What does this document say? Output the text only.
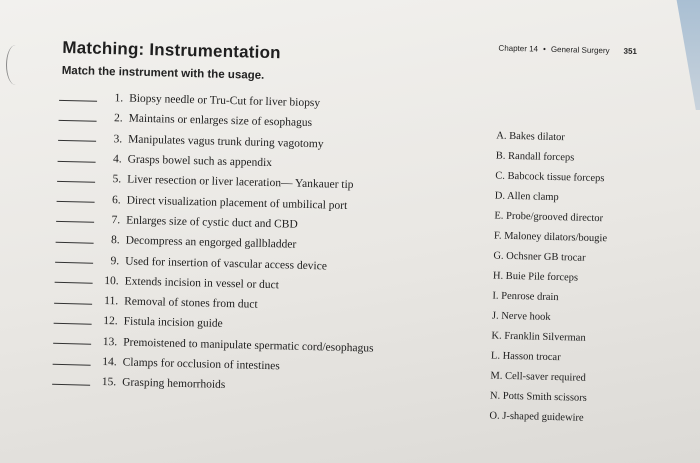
Chapter 14 • General Surgery 351
Matching: Instrumentation
Match the instrument with the usage.
1. Biopsy needle or Tru-Cut for liver biopsy
2. Maintains or enlarges size of esophagus
3. Manipulates vagus trunk during vagotomy
4. Grasps bowel such as appendix
5. Liver resection or liver laceration— Yankauer tip
6. Direct visualization placement of umbilical port
7. Enlarges size of cystic duct and CBD
8. Decompress an engorged gallbladder
9. Used for insertion of vascular access device
10. Extends incision in vessel or duct
11. Removal of stones from duct
12. Fistula incision guide
13. Premoistened to manipulate spermatic cord/esophagus
14. Clamps for occlusion of intestines
15. Grasping hemorrhoids
A. Bakes dilator
B. Randall forceps
C. Babcock tissue forceps
D. Allen clamp
E. Probe/grooved director
F. Maloney dilators/bougie
G. Ochsner GB trocar
H. Buie Pile forceps
I. Penrose drain
J. Nerve hook
K. Franklin Silverman
L. Hasson trocar
M. Cell-saver required
N. Potts Smith scissors
O. J-shaped guidewire
